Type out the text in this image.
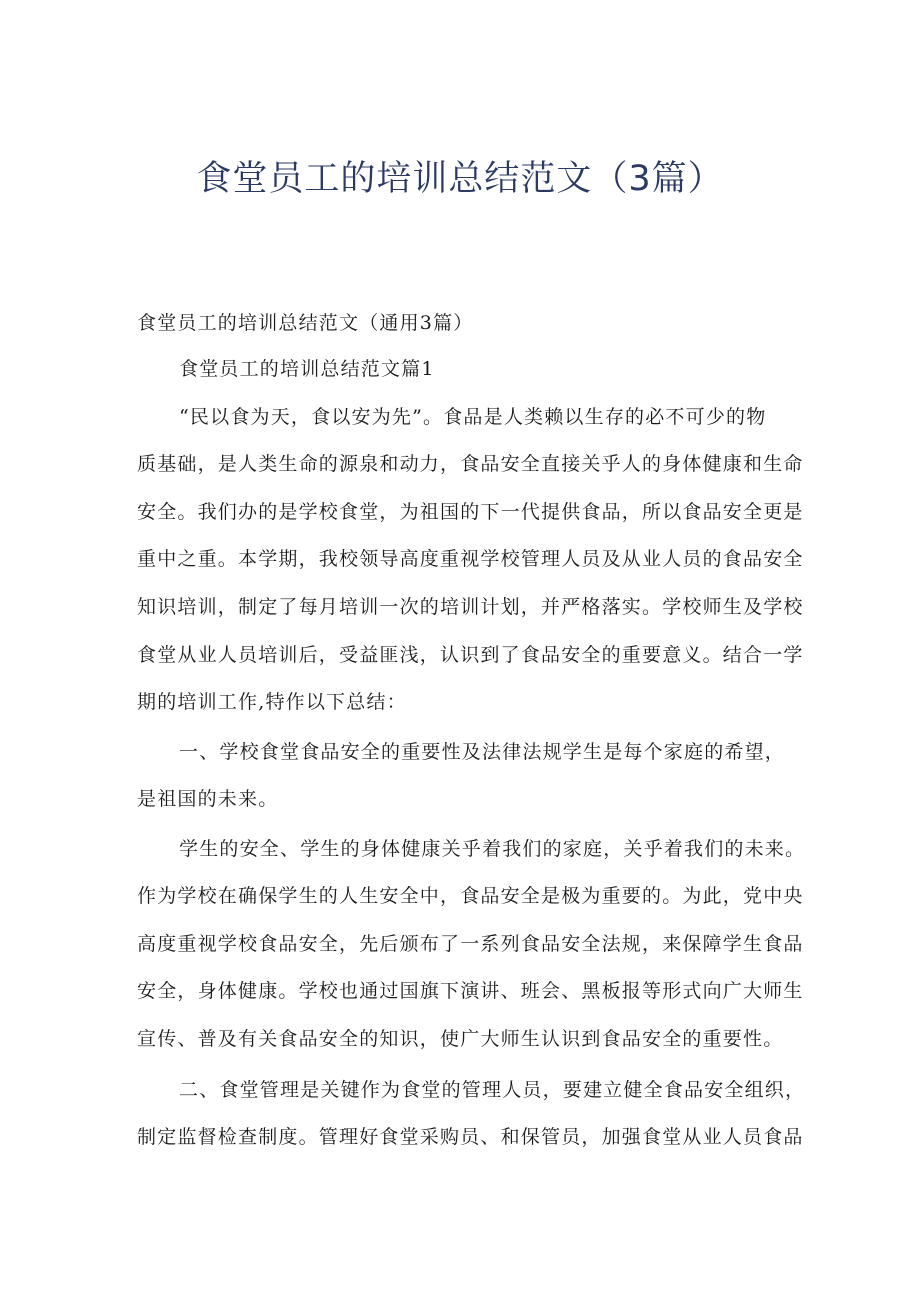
食堂员工的培训总结范文（3篇）
食堂员工的培训总结范文（通用3篇）
食堂员工的培训总结范文篇1
“民以食为天，食以安为先”。食品是人类赖以生存的必不可少的物
质基础，是人类生命的源泉和动力，食品安全直接关乎人的身体健康和生命
安全。我们办的是学校食堂，为祖国的下一代提供食品，所以食品安全更是
重中之重。本学期，我校领导高度重视学校管理人员及从业人员的食品安全
知识培训，制定了每月培训一次的培训计划，并严格落实。学校师生及学校
食堂从业人员培训后，受益匪浅，认识到了食品安全的重要意义。结合一学
期的培训工作,特作以下总结：
一、学校食堂食品安全的重要性及法律法规学生是每个家庭的希望，
是祖国的未来。
学生的安全、学生的身体健康关乎着我们的家庭，关乎着我们的未来。
作为学校在确保学生的人生安全中，食品安全是极为重要的。为此，党中央
高度重视学校食品安全，先后颁布了一系列食品安全法规，来保障学生食品
安全，身体健康。学校也通过国旗下演讲、班会、黑板报等形式向广大师生
宣传、普及有关食品安全的知识，使广大师生认识到食品安全的重要性。
二、食堂管理是关键作为食堂的管理人员，要建立健全食品安全组织，
制定监督检查制度。管理好食堂采购员、和保管员，加强食堂从业人员食品
